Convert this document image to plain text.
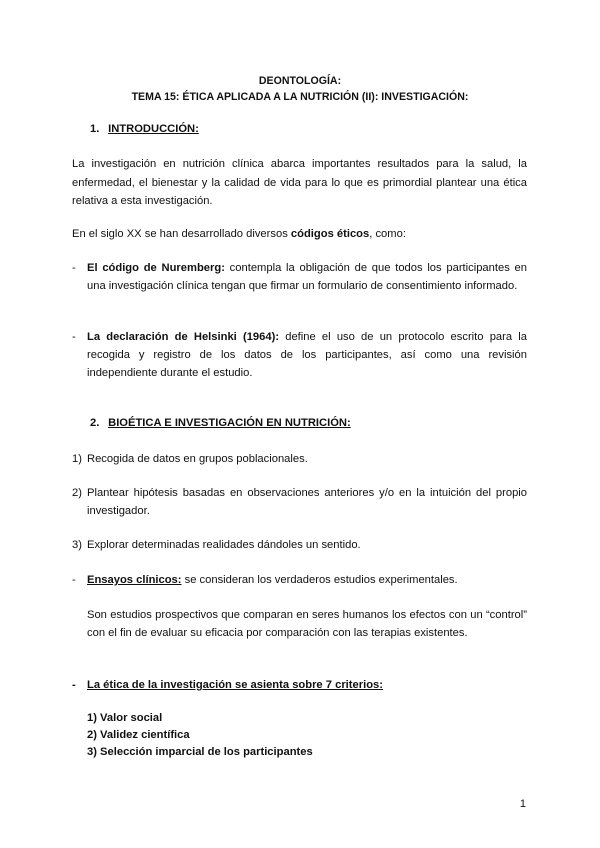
DEONTOLOGÍA:
TEMA 15: ÉTICA APLICADA A LA NUTRICIÓN (II): INVESTIGACIÓN:
1. INTRODUCCIÓN:
La investigación en nutrición clínica abarca importantes resultados para la salud, la enfermedad, el bienestar y la calidad de vida para lo que es primordial plantear una ética relativa a esta investigación.
En el siglo XX se han desarrollado diversos códigos éticos, como:
-	El código de Nuremberg: contempla la obligación de que todos los participantes en una investigación clínica tengan que firmar un formulario de consentimiento informado.
-	La declaración de Helsinki (1964): define el uso de un protocolo escrito para la recogida y registro de los datos de los participantes, así como una revisión independiente durante el estudio.
2. BIOÉTICA E INVESTIGACIÓN EN NUTRICIÓN:
1) Recogida de datos en grupos poblacionales.
2) Plantear hipótesis basadas en observaciones anteriores y/o en la intuición del propio investigador.
3) Explorar determinadas realidades dándoles un sentido.
-	Ensayos clínicos: se consideran los verdaderos estudios experimentales.
Son estudios prospectivos que comparan en seres humanos los efectos con un “control” con el fin de evaluar su eficacia por comparación con las terapias existentes.
-	La ética de la investigación se asienta sobre 7 criterios:
1) Valor social
2) Validez científica
3) Selección imparcial de los participantes
1
